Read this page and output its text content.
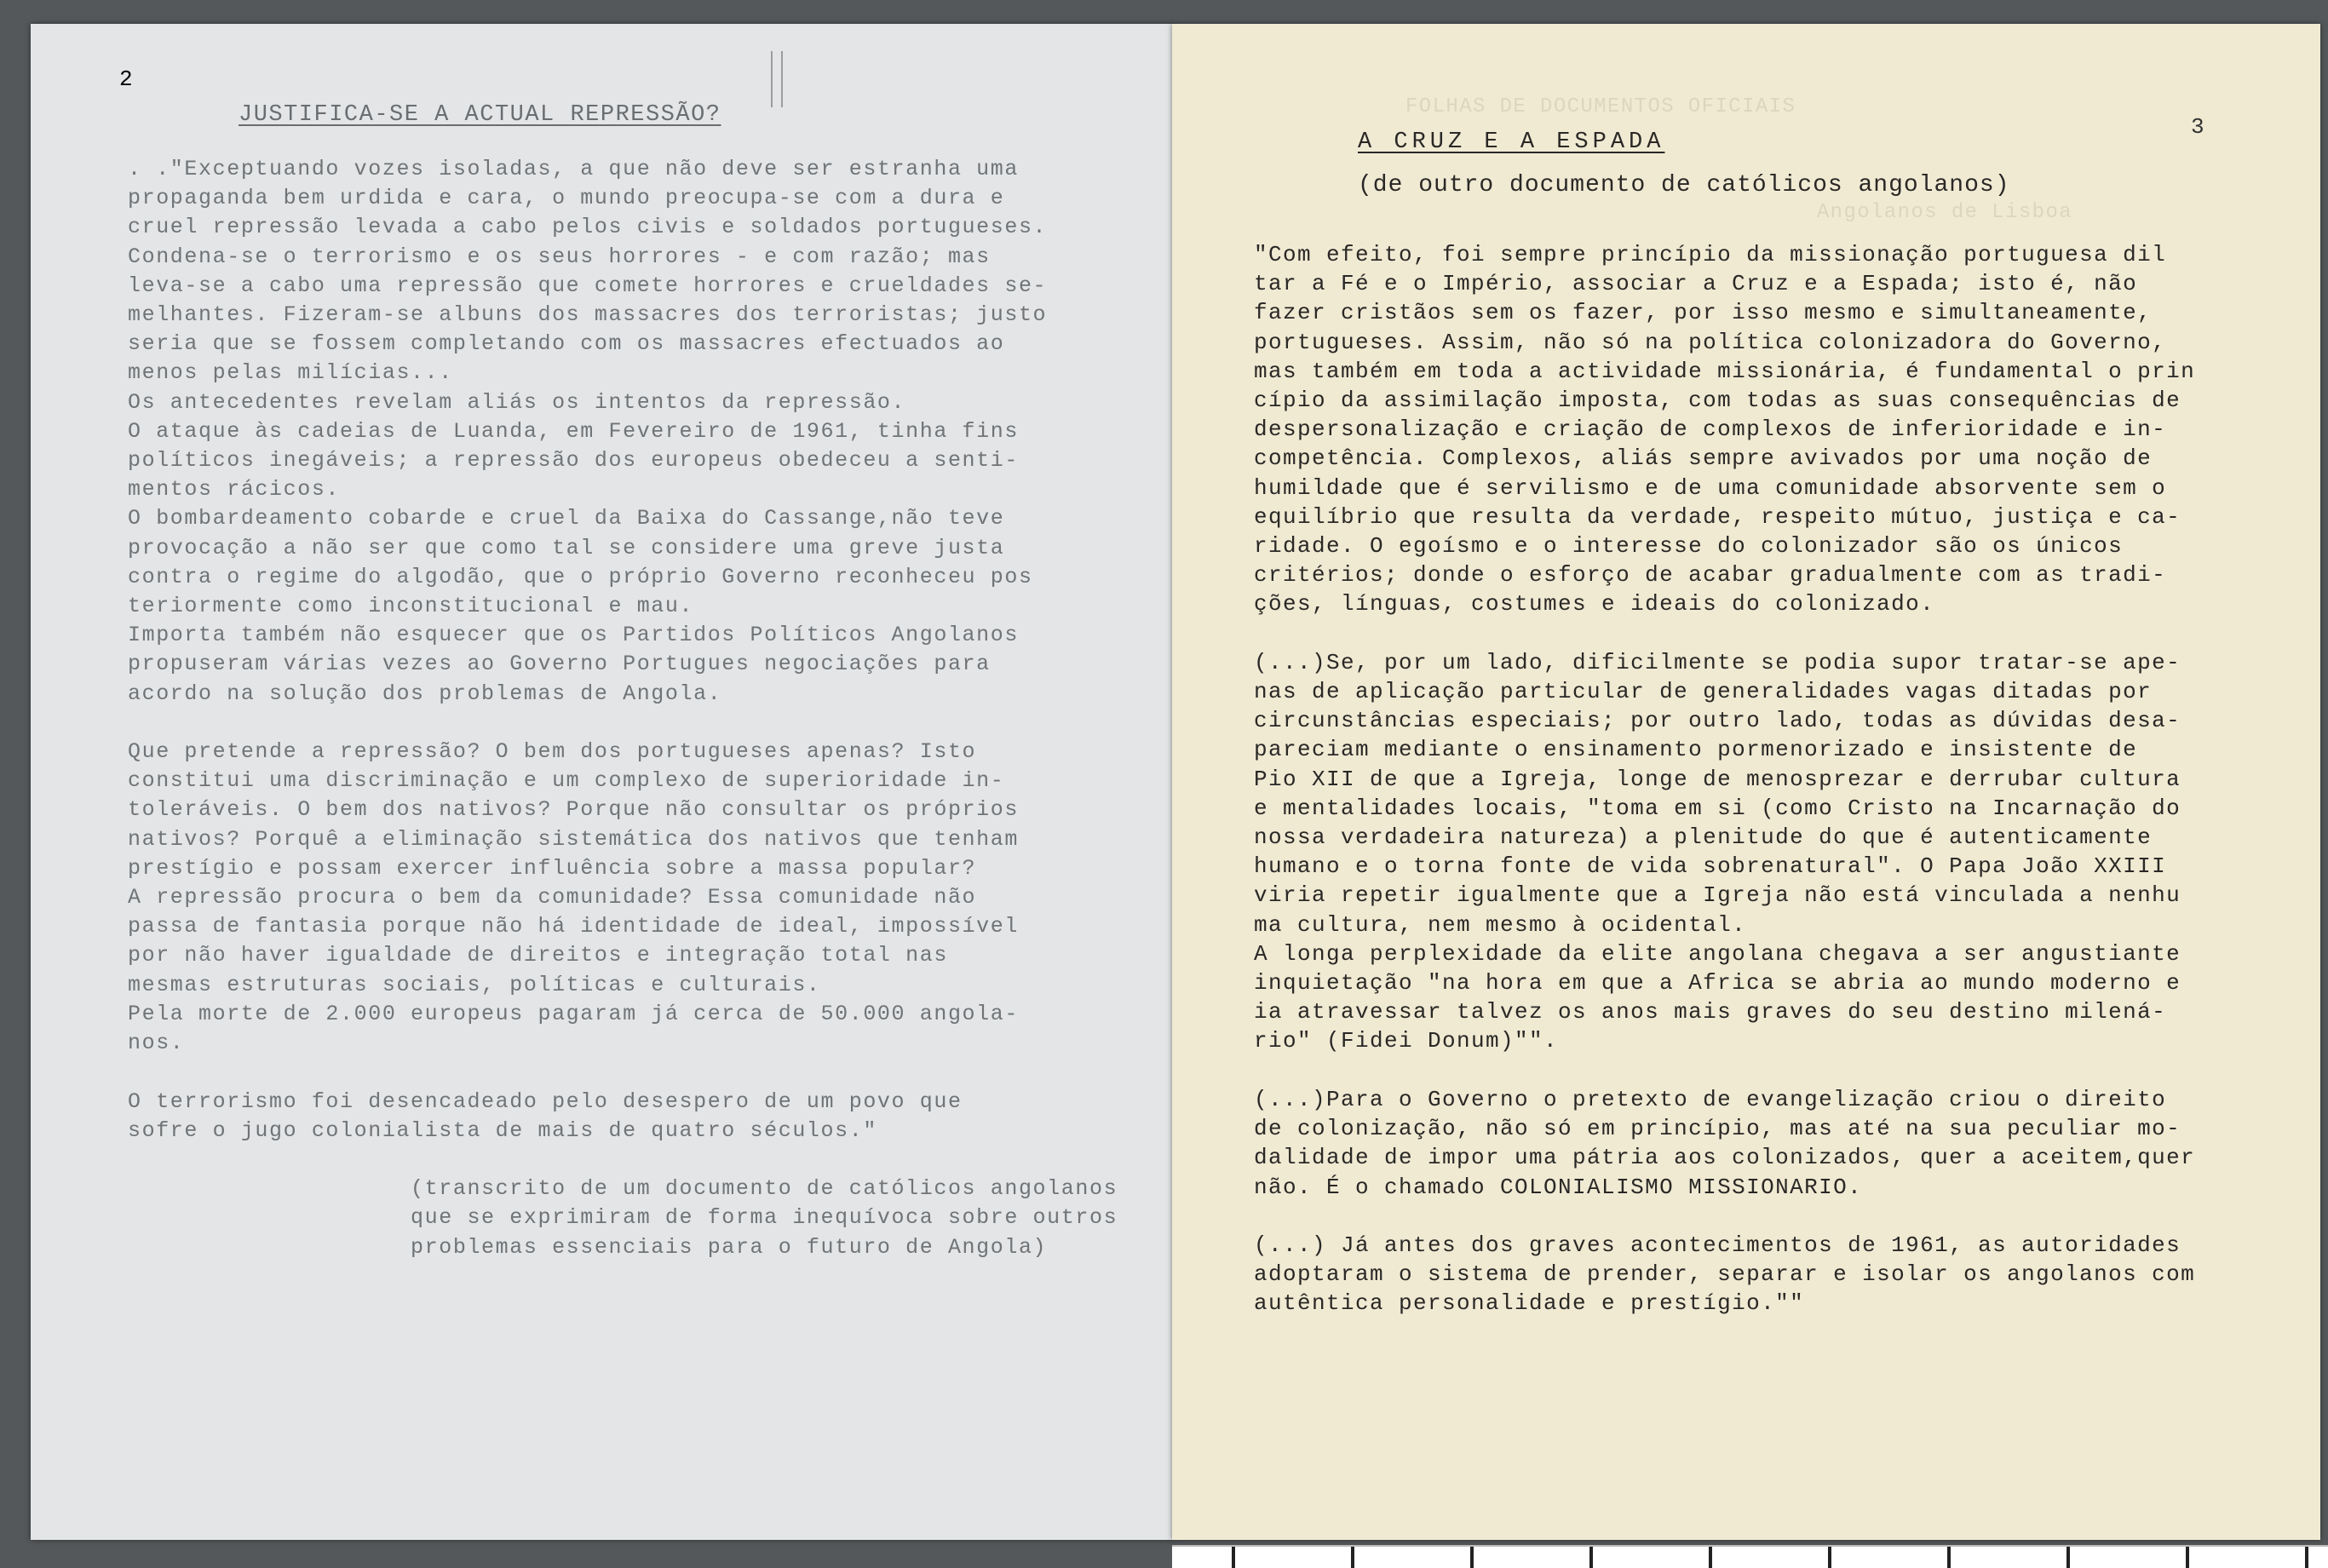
2
JUSTIFICA-SE A ACTUAL REPRESSÃO?
. ."Exceptuando vozes isoladas, a que não deve ser estranha uma
propaganda bem urdida e cara, o mundo preocupa-se com a dura e
cruel repressão levada a cabo pelos civis e soldados portugueses.
Condena-se o terrorismo e os seus horrores - e com razão; mas
leva-se a cabo uma repressão que comete horrores e crueldades se-
melhantes. Fizeram-se albuns dos massacres dos terroristas; justo
seria que se fossem completando com os massacres efectuados ao
menos pelas milícias...
Os antecedentes revelam aliás os intentos da repressão.
O ataque às cadeias de Luanda, em Fevereiro de 1961, tinha fins
políticos inegáveis; a repressão dos europeus obedeceu a senti-
mentos rácicos.
O bombardeamento cobarde e cruel da Baixa do Cassange,não teve
provocação a não ser que como tal se considere uma greve justa
contra o regime do algodão, que o próprio Governo reconheceu pos
teriormente como inconstitucional e mau.
Importa também não esquecer que os Partidos Políticos Angolanos
propuseram várias vezes ao Governo Portugues negociações para
acordo na solução dos problemas de Angola.

Que pretende a repressão? O bem dos portugueses apenas? Isto
constitui uma discriminação e um complexo de superioridade in-
toleráveis. O bem dos nativos? Porque não consultar os próprios
nativos? Porquê a eliminação sistemática dos nativos que tenham
prestígio e possam exercer influência sobre a massa popular?
A repressão procura o bem da comunidade? Essa comunidade não
passa de fantasia porque não há identidade de ideal, impossível
por não haver igualdade de direitos e integração total nas
mesmas estruturas sociais, políticas e culturais.
Pela morte de 2.000 europeus pagaram já cerca de 50.000 angola-
nos.

O terrorismo foi desencadeado pelo desespero de um povo que
sofre o jugo colonialista de mais de quatro séculos."

(transcrito de um documento de católicos angolanos
que se exprimiram de forma inequívoca sobre outros
problemas essenciais para o futuro de Angola)
3
A CRUZ E A ESPADA
(de outro documento de católicos angolanos)
"Com efeito, foi sempre princípio da missionação portuguesa dil
tar a Fé e o Império, associar a Cruz e a Espada; isto é, não
fazer cristãos sem os fazer, por isso mesmo e simultaneamente,
portugueses. Assim, não só na política colonizadora do Governo,
mas também em toda a actividade missionária, é fundamental o prin
cípio da assimilação imposta, com todas as suas consequências de
despersonalização e criação de complexos de inferioridade e in-
competência. Complexos, aliás sempre avivados por uma noção de
humildade que é servilismo e de uma comunidade absorvente sem o
equilíbrio que resulta da verdade, respeito mútuo, justiça e ca-
ridade. O egoísmo e o interesse do colonizador são os únicos
critérios; donde o esforço de acabar gradualmente com as tradi-
ções, línguas, costumes e ideais do colonizado.

(...)Se, por um lado, dificilmente se podia supor tratar-se ape-
nas de aplicação particular de generalidades vagas ditadas por
circunstâncias especiais; por outro lado, todas as dúvidas desa-
pareciam mediante o ensinamento pormenorizado e insistente de
Pio XII de que a Igreja, longe de menosprezar e derrubar cultura
e mentalidades locais, "toma em si (como Cristo na Incarnação do
nossa verdadeira natureza) a plenitude do que é autenticamente
humano e o torna fonte de vida sobrenatural". O Papa João XXIII
viria repetir igualmente que a Igreja não está vinculada a nenhu
ma cultura, nem mesmo à ocidental.
A longa perplexidade da elite angolana chegava a ser angustiante
inquietação "na hora em que a Africa se abria ao mundo moderno e
ia atravessar talvez os anos mais graves do seu destino milená-
rio" (Fidei Donum)"".

(...)Para o Governo o pretexto de evangelização criou o direito
de colonização, não só em princípio, mas até na sua peculiar mo-
dalidade de impor uma pátria aos colonizados, quer a aceitem,quer
não. É o chamado COLONIALISMO MISSIONARIO.

(...) Já antes dos graves acontecimentos de 1961, as autoridades
adoptaram o sistema de prender, separar e isolar os angolanos com
autêntica personalidade e prestígio.""
